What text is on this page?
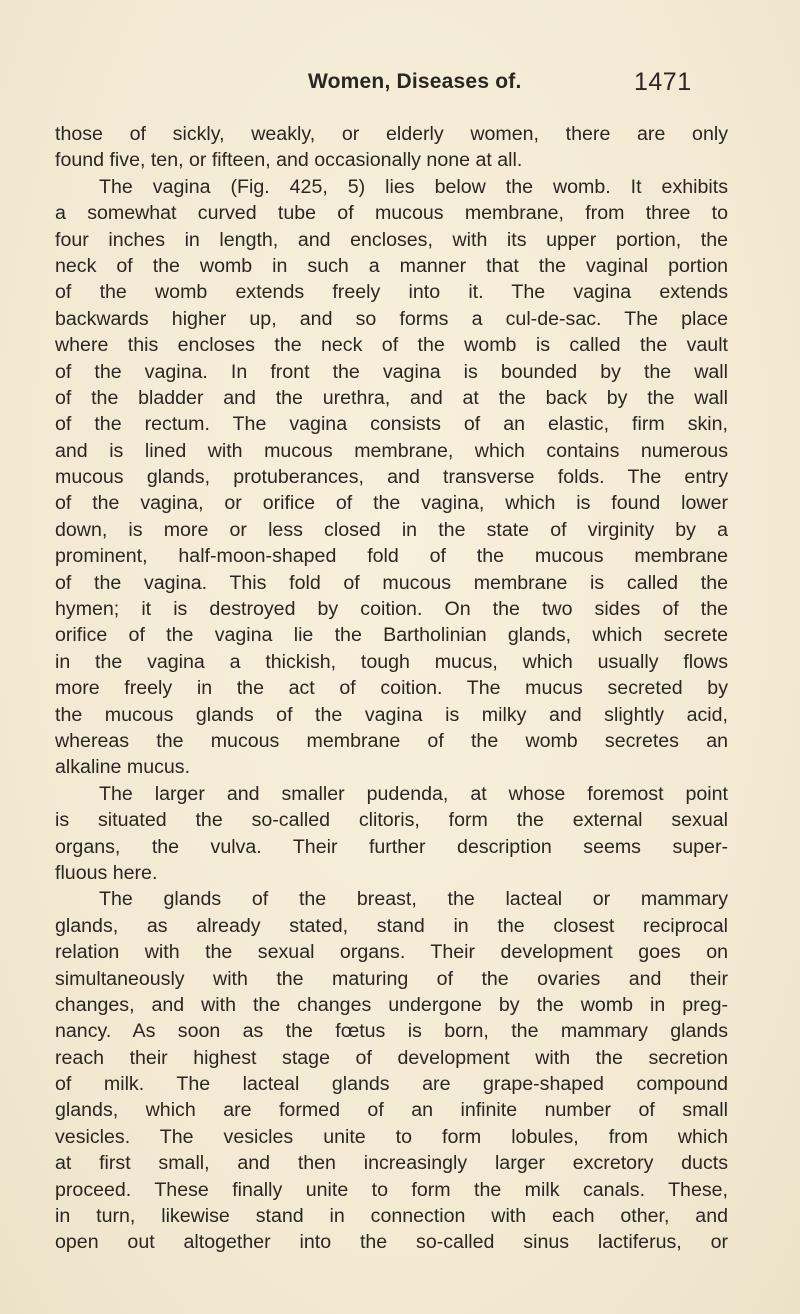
Women, Diseases of.	1471
those of sickly, weakly, or elderly women, there are only
found five, ten, or fifteen, and occasionally none at all.
The vagina (Fig. 425, 5) lies below the womb. It exhibits
a somewhat curved tube of mucous membrane, from three to
four inches in length, and encloses, with its upper portion, the
neck of the womb in such a manner that the vaginal portion
of the womb extends freely into it. The vagina extends
backwards higher up, and so forms a cul-de-sac. The place
where this encloses the neck of the womb is called the vault
of the vagina. In front the vagina is bounded by the wall
of the bladder and the urethra, and at the back by the wall
of the rectum. The vagina consists of an elastic, firm skin,
and is lined with mucous membrane, which contains numerous
mucous glands, protuberances, and transverse folds. The entry
of the vagina, or orifice of the vagina, which is found lower
down, is more or less closed in the state of virginity by a
prominent, half-moon-shaped fold of the mucous membrane
of the vagina. This fold of mucous membrane is called the
hymen; it is destroyed by coition. On the two sides of the
orifice of the vagina lie the Bartholinian glands, which secrete
in the vagina a thickish, tough mucus, which usually flows
more freely in the act of coition. The mucus secreted by
the mucous glands of the vagina is milky and slightly acid,
whereas the mucous membrane of the womb secretes an
alkaline mucus.
The larger and smaller pudenda, at whose foremost point
is situated the so-called clitoris, form the external sexual
organs, the vulva. Their further description seems super-
fluous here.
The glands of the breast, the lacteal or mammary
glands, as already stated, stand in the closest reciprocal
relation with the sexual organs. Their development goes on
simultaneously with the maturing of the ovaries and their
changes, and with the changes undergone by the womb in preg-
nancy. As soon as the fœtus is born, the mammary glands
reach their highest stage of development with the secretion
of milk. The lacteal glands are grape-shaped compound
glands, which are formed of an infinite number of small
vesicles. The vesicles unite to form lobules, from which
at first small, and then increasingly larger excretory ducts
proceed. These finally unite to form the milk canals. These,
in turn, likewise stand in connection with each other, and
open out altogether into the so-called sinus lactiferus, or
